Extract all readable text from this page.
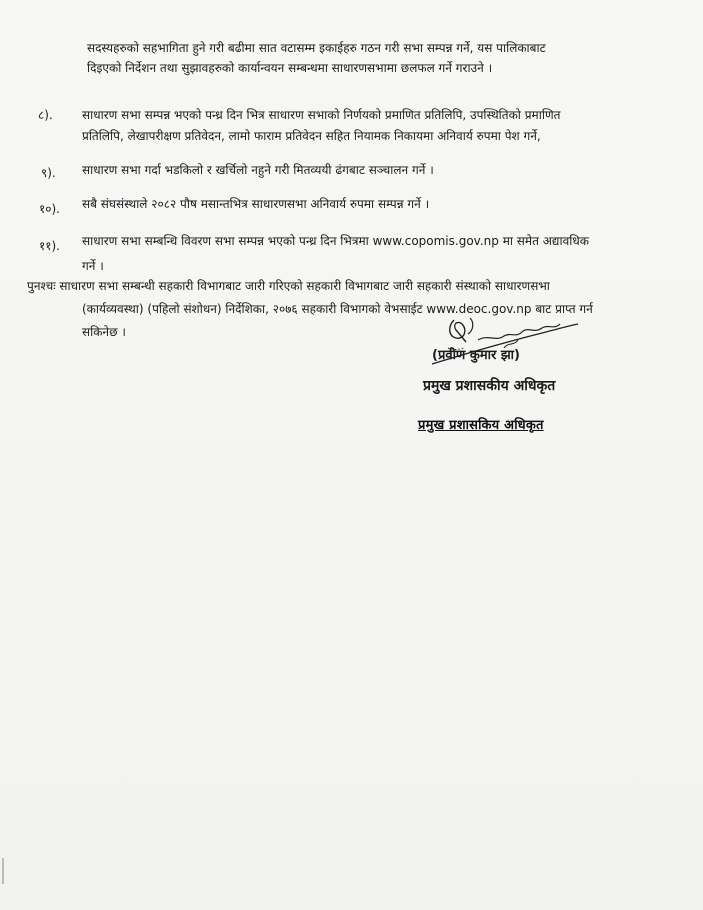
सदस्यहरुको सहभागिता हुने गरी बढीमा सात वटासम्म इकाईहरु गठन गरी सभा सम्पन्न गर्ने, यस पालिकाबाट
दिइएको निर्देशन तथा सुझावहरुको कार्यान्वयन सम्बन्धमा साधारणसभामा छलफल गर्ने गराउने ।
८). साधारण सभा सम्पन्न भएको पन्ध्र दिन भित्र साधारण सभाको निर्णयको प्रमाणित प्रतिलिपि, उपस्थितिको प्रमाणित
प्रतिलिपि, लेखापरीक्षण प्रतिवेदन, लामो फाराम प्रतिवेदन सहित नियामक निकायमा अनिवार्य रुपमा पेश गर्ने,
९). साधारण सभा गर्दा भडकिलो र खर्चिलो नहुने गरी मितव्ययी ढंगबाट सञ्चालन गर्ने ।
१०). सबै संघसंस्थाले २०८२ पौष मसान्तभित्र साधारणसभा अनिवार्य रुपमा सम्पन्न गर्ने ।
११). साधारण सभा सम्बन्धि विवरण सभा सम्पन्न भएको पन्ध्र दिन भित्रमा www.copomis.gov.np मा समेत अद्यावधिक
गर्ने ।
पुनश्चः साधारण सभा सम्बन्धी सहकारी विभागबाट जारी गरिएको सहकारी विभागबाट जारी सहकारी संस्थाको साधारणसभा
(कार्यव्यवस्था) (पहिलो संशोधन) निर्देशिका, २०७६ सहकारी विभागको वेभसाईट www.deoc.gov.np बाट प्राप्त गर्न
सकिनेछ ।
(प्रवीण कुमार झा)
प्रमुख प्रशासकीय अधिकृत
प्रमुख प्रशासकिय अधिकृत
